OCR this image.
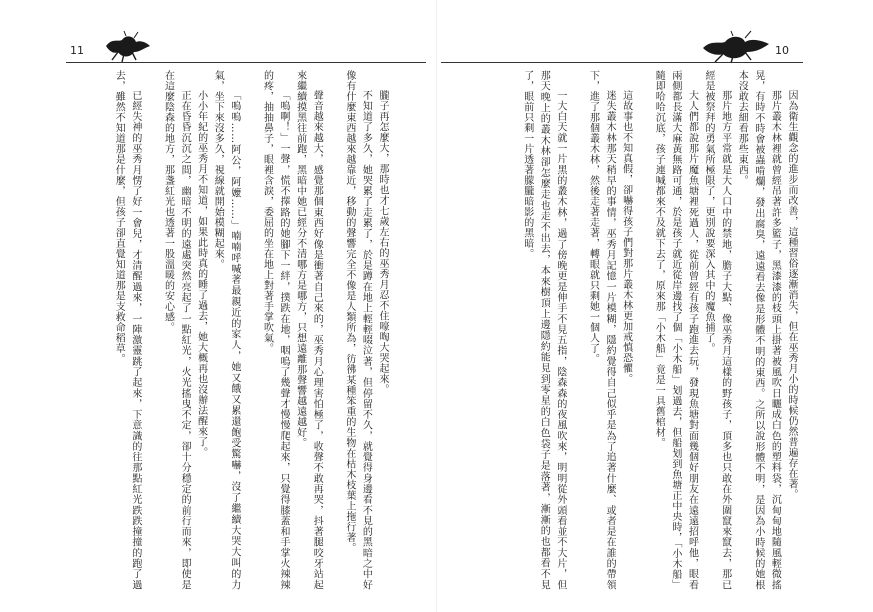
11

朧子再怎麼大，那時也才七歲左右的巫秀月忍不住嚎啕大哭起來。

不知道了多久，她哭累了走累了，於是蹲在地上輕輕啜泣著，但停留不久，就覺得身邊看不見的黑暗之中好像有什麼東西越來越靠近，移動的聲響完全不像是人類所為，彷彿某種笨重的生物在枯木枝葉上拖行著。

聲音越來越大，感覺那個東西好像是衝著自己來的，巫秀月心理害怕極了，收聲不敢再哭，抖著腿咬牙站起來繼續摸黑往前跑，黑暗中她已經分不清哪方是哪方，只想遠離那聲響越遠越好。

「嗚啊！」一聲，慌不擇路的她腳下一絆，撲跌在地，咽嗚了幾聲才慢慢爬起來，只覺得膝蓋和手掌火辣辣的疼，抽抽鼻子，眼裡含淚，委屈的坐在地上對著手掌吹氣。

「嗚嗚……阿公，阿嬤……」喃喃呼喊著最親近的家人，她又餓又累還飽受驚嚇，沒了繼續大哭大叫的力氣，坐下來沒多久，視線就開始模糊起來。

小小年紀的巫秀月不知道，如果此時真的睡了過去，她大概再也沒辦法醒來了。

正在昏昏沉沉之間，幽暗不明的遠處突然亮起了一點紅光，火光搖曳不定，卻十分穩定的前行而來，即使是在這麼陰森的地方，那盞紅光也透著一股溫暖的安心感。

已經失神的巫秀月愣了好一會兒，才清醒過來，一陣激靈跳了起來，下意識的往那點紅光跌跌撞撞的跑了過去，雖然不知道那是什麼，但孩子卻直覺知道那是支救命稻草。

10

因為衛生觀念的進步而改善，這種習俗逐漸消失，但在巫秀月小的時候仍然普遍存在著。

那片叢木林裡就曾經吊著許多籃子，黑漆漆的枝頭上掛著被風吹日曬成白色的塑料袋，沉甸甸地隨風輕微搖晃，有時不時會被蟲啃爛，發出腐臭，遠遠看去像是形體不明的東西。之所以說形體不明，是因為小時候的她根本沒敢去細看那些東西。

那片地方平常就是大人口中的禁地，膽子大點、像巫秀月這樣的野孩子，頂多也只敢在外圍竄來竄去，那已經是被祭拜的勇氣所極限了，更別說要深入其中的魔魚捕了。

大人們都說那片魔魚塘裡死過人，從前曾經有孩子跑進去玩，發現魚塘對面幾個好朋友在遠遠招呼他，眼看兩側都長滿大麻黃無路可通，於是孩子就近從岸邊找了個「小木船」划過去，但船划到魚塘正中央時，「小木船」隨即哈哈沉底，孩子連喊都來不及就下去了，原來那「小木船」竟是一具舊棺材。

這故事也不知真假，卻嚇得孩子們對那片叢木林更加戒慎恐懼。

迷失叢木林那天稍早的事情，巫秀月記憶一片模糊，隱約覺得自己似乎是為了追著什麼、或者是在誰的帶領下，進了那個叢木林，然後走著走著，轉眼就只剩她一個人了。

一大白天就一片黑的叢木林，過了傍晚更是伸手不見五指，陰森森的夜風吹來，明明從外頭看並不大片，但那天晚上的叢木林卻怎麼走也走不出去，本來樹頂上邊隱約能見到零星的白色袋子是落著，漸漸的也都看不見了，眼前只剩一片透著朦朧暗影的黑暗。
